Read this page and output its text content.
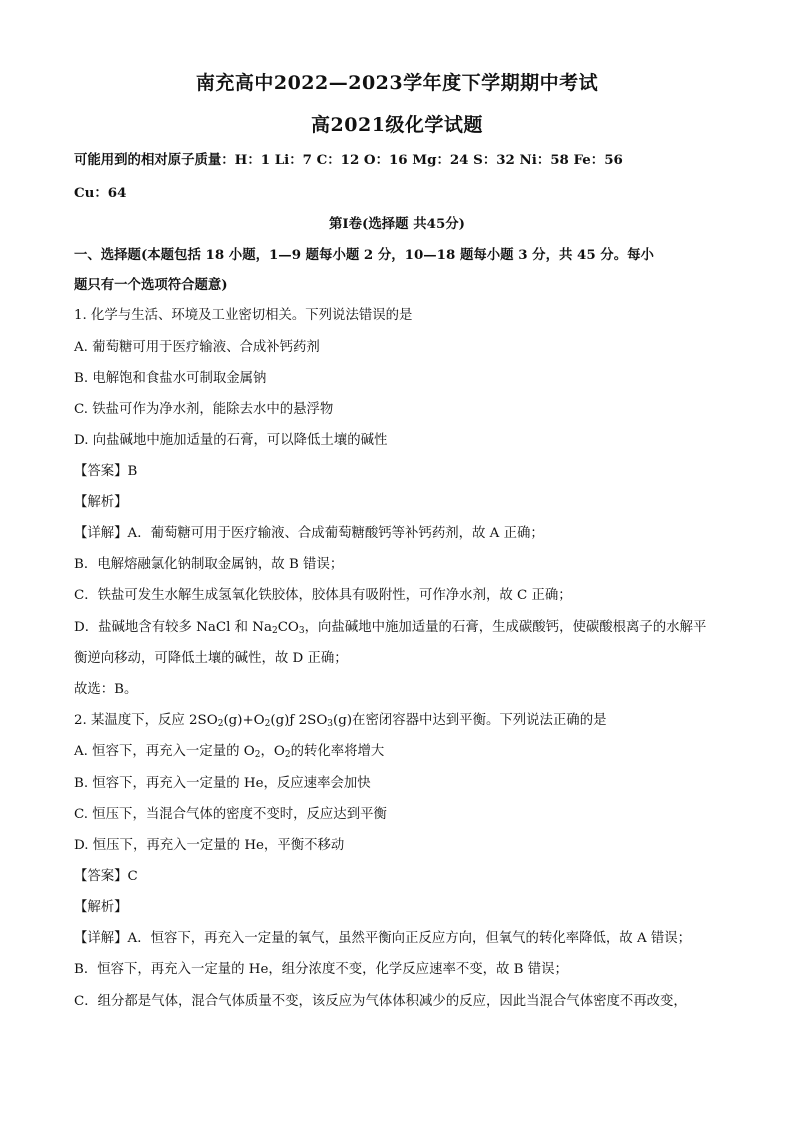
南充高中2022—2023学年度下学期期中考试
高2021级化学试题
可能用到的相对原子质量：H：1 Li：7 C：12 O：16 Mg：24 S：32 Ni：58 Fe：56
Cu：64
第Ⅰ卷(选择题 共45分)
一、选择题(本题包括 18 小题，1—9 题每小题 2 分，10—18 题每小题 3 分，共 45 分。每小
题只有一个选项符合题意)
1. 化学与生活、环境及工业密切相关。下列说法错误的是
A. 葡萄糖可用于医疗输液、合成补钙药剂
B. 电解饱和食盐水可制取金属钠
C. 铁盐可作为净水剂，能除去水中的悬浮物
D. 向盐碱地中施加适量的石膏，可以降低土壤的碱性
【答案】B
【解析】
【详解】A．葡萄糖可用于医疗输液、合成葡萄糖酸钙等补钙药剂，故 A 正确；
B．电解熔融氯化钠制取金属钠，故 B 错误；
C．铁盐可发生水解生成氢氧化铁胶体，胶体具有吸附性，可作净水剂，故 C 正确；
D．盐碱地含有较多 NaCl 和 $Na_2CO_3$，向盐碱地中施加适量的石膏，生成碳酸钙，使碳酸根离子的水解平
衡逆向移动，可降低土壤的碱性，故 D 正确；
故选：B。
2. 某温度下，反应 $2SO_2(g)+O_2(g)ƒ$ $2SO_3(g)$在密闭容器中达到平衡。下列说法正确的是
A. 恒容下，再充入一定量的 $O_2$，$O_2$的转化率将增大
B. 恒容下，再充入一定量的 He，反应速率会加快
C. 恒压下，当混合气体的密度不变时，反应达到平衡
D. 恒压下，再充入一定量的 He，平衡不移动
【答案】C
【解析】
【详解】A．恒容下，再充入一定量的氧气，虽然平衡向正反应方向，但氧气的转化率降低，故 A 错误；
B．恒容下，再充入一定量的 He，组分浓度不变，化学反应速率不变，故 B 错误；
C．组分都是气体，混合气体质量不变，该反应为气体体积减少的反应，因此当混合气体密度不再改变，
